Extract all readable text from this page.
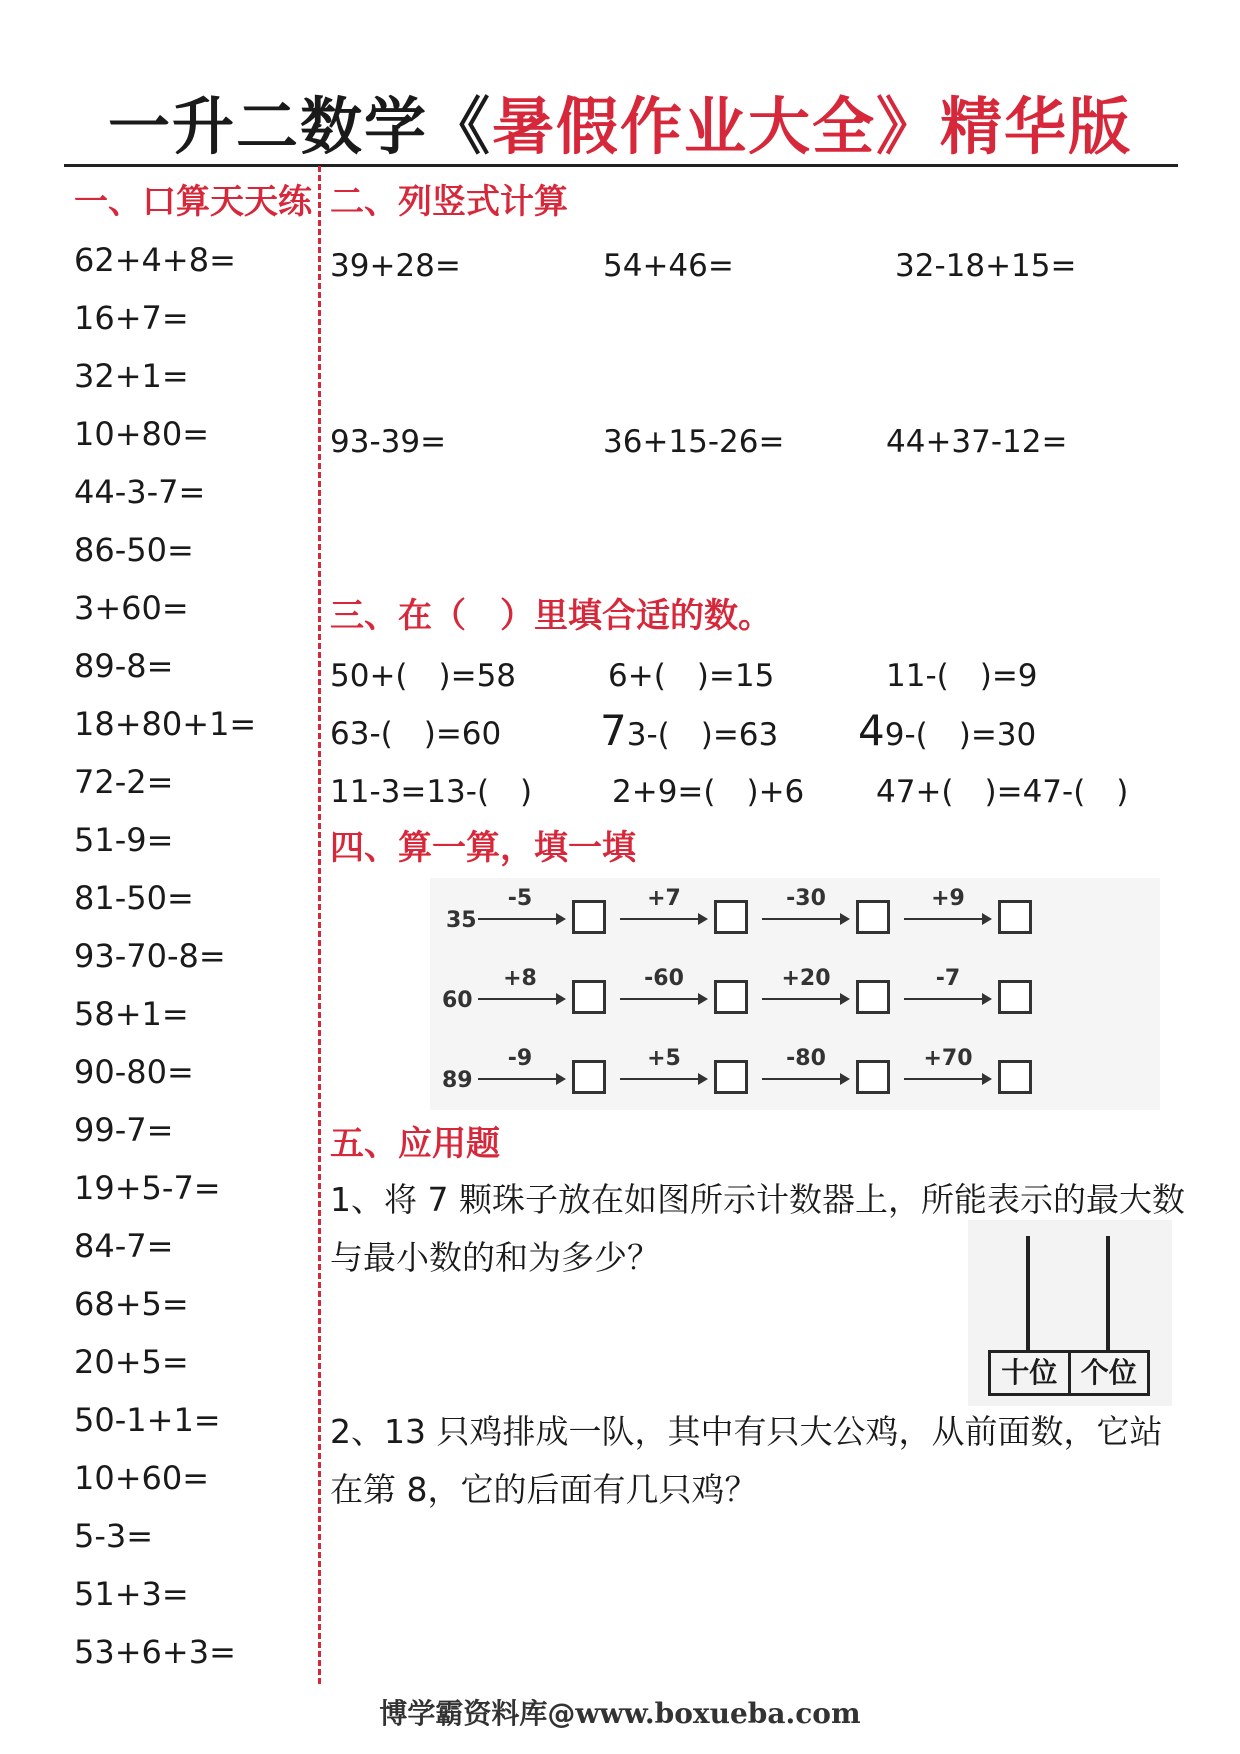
一升二数学《暑假作业大全》精华版
一、口算天天练
62+4+8=
16+7=
32+1=
10+80=
44-3-7=
86-50=
3+60=
89-8=
18+80+1=
72-2=
51-9=
81-50=
93-70-8=
58+1=
90-80=
99-7=
19+5-7=
84-7=
68+5=
20+5=
50-1+1=
10+60=
5-3=
51+3=
53+6+3=
二、列竖式计算
39+28=	54+46=	32-18+15=
93-39=	36+15-26=	44+37-12=
三、在（　）里填合适的数。
50+(　)=58	6+(　)=15	11-(　)=9
63-(　)=60 73-(　)=63 49-(　)=30
11-3=13-(　)	2+9=(　)+6 47+(　)=47-(　)
四、算一算，填一填
35
-5	+7	-30	+9
60
+8	-60	+20	-7
89
-9	+5	-80	+70
五、应用题
1、将 7 颗珠子放在如图所示计数器上，所能表示的最大数
与最小数的和为多少？
十位 个位
2、13 只鸡排成一队，其中有只大公鸡，从前面数，它站
在第 8，它的后面有几只鸡？
博学霸资料库@www.boxueba.com
